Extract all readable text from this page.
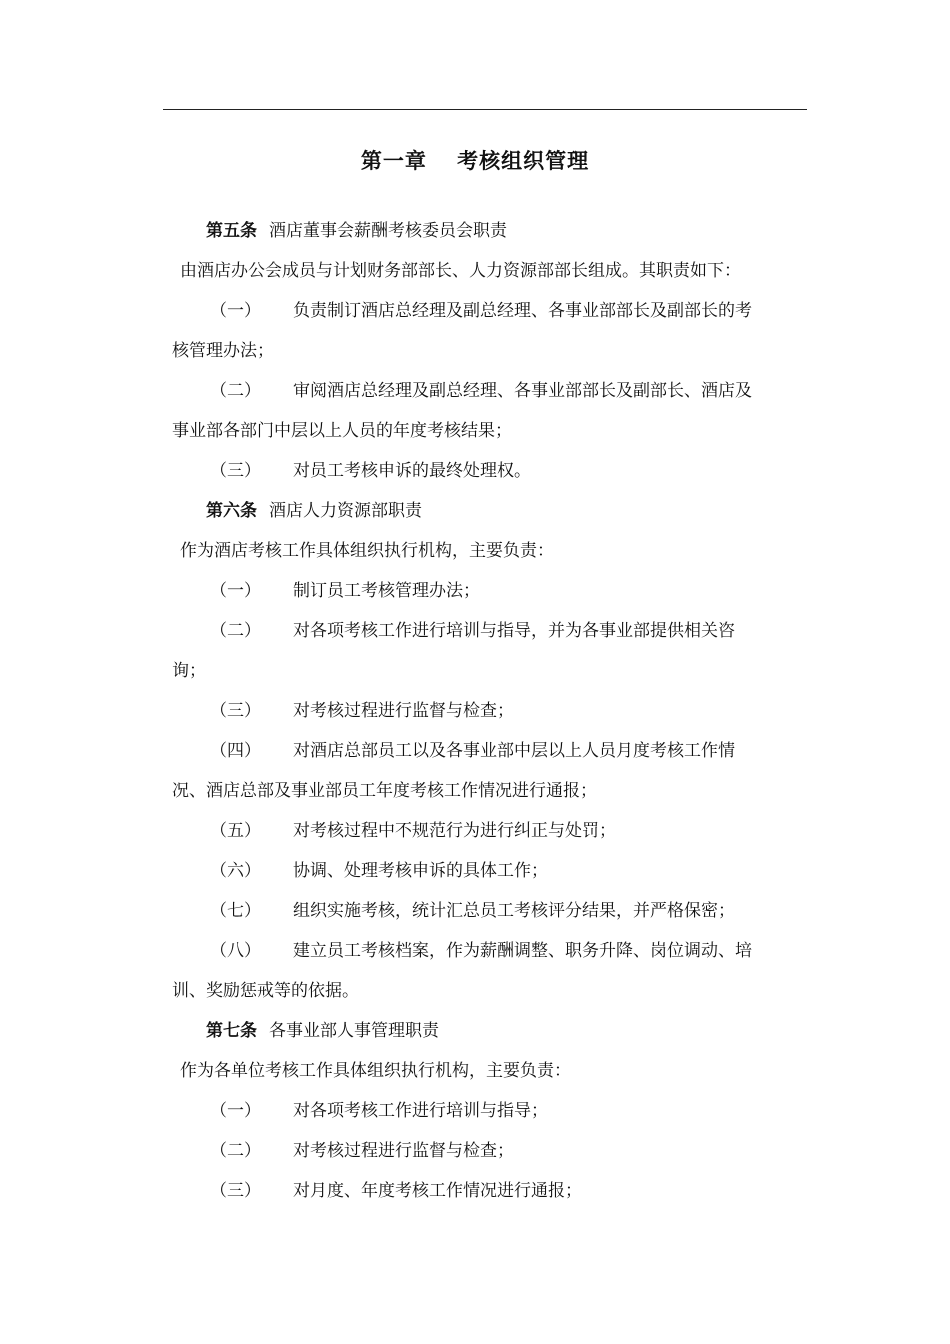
第一章　 考核组织管理
第五条 酒店董事会薪酬考核委员会职责
由酒店办公会成员与计划财务部部长、人力资源部部长组成。其职责如下：
（一） 负责制订酒店总经理及副总经理、各事业部部长及副部长的考
核管理办法；
（二） 审阅酒店总经理及副总经理、各事业部部长及副部长、酒店及
事业部各部门中层以上人员的年度考核结果；
（三） 对员工考核申诉的最终处理权。
第六条 酒店人力资源部职责
作为酒店考核工作具体组织执行机构，主要负责：
（一） 制订员工考核管理办法；
（二） 对各项考核工作进行培训与指导，并为各事业部提供相关咨
询；
（三） 对考核过程进行监督与检查；
（四） 对酒店总部员工以及各事业部中层以上人员月度考核工作情
况、酒店总部及事业部员工年度考核工作情况进行通报；
（五） 对考核过程中不规范行为进行纠正与处罚；
（六） 协调、处理考核申诉的具体工作；
（七） 组织实施考核，统计汇总员工考核评分结果，并严格保密；
（八） 建立员工考核档案，作为薪酬调整、职务升降、岗位调动、培
训、奖励惩戒等的依据。
第七条 各事业部人事管理职责
作为各单位考核工作具体组织执行机构，主要负责：
（一） 对各项考核工作进行培训与指导；
（二） 对考核过程进行监督与检查；
（三） 对月度、年度考核工作情况进行通报；
